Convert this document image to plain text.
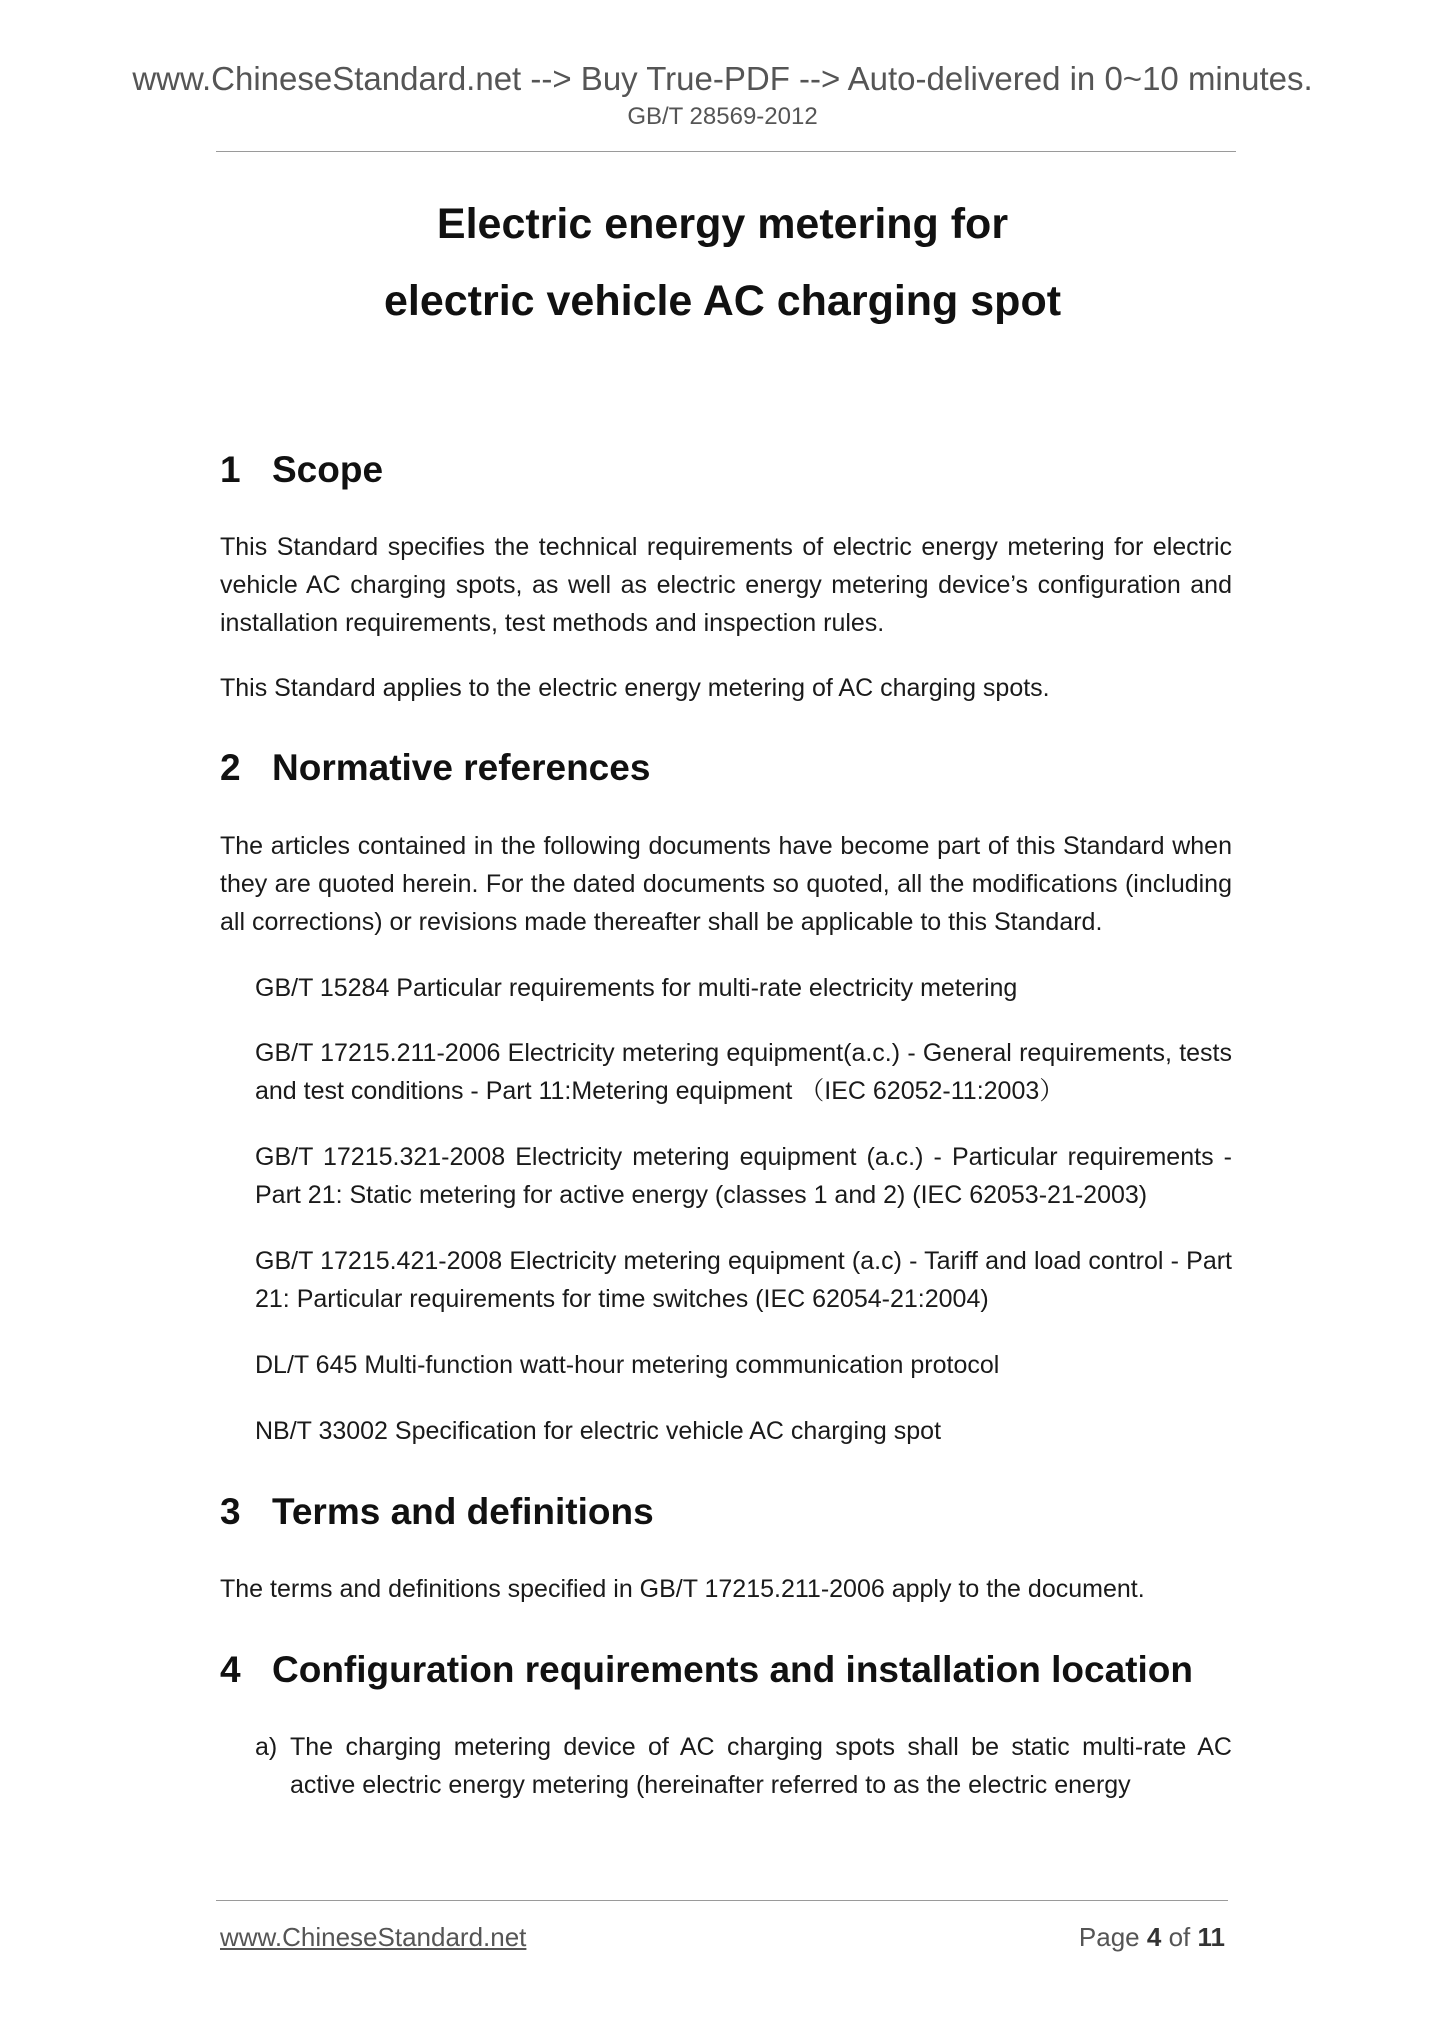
www.ChineseStandard.net --> Buy True-PDF --> Auto-delivered in 0~10 minutes.

GB/T 28569-2012

Electric energy metering for
electric vehicle AC charging spot
1 Scope

This Standard specifies the technical requirements of electric energy metering for electric vehicle AC charging spots, as well as electric energy metering device’s configuration and installation requirements, test methods and inspection rules.

This Standard applies to the electric energy metering of AC charging spots.

2 Normative references

The articles contained in the following documents have become part of this Standard when they are quoted herein. For the dated documents so quoted, all the modifications (including all corrections) or revisions made thereafter shall be applicable to this Standard.

GB/T 15284 Particular requirements for multi-rate electricity metering

GB/T 17215.211-2006 Electricity metering equipment(a.c.) - General requirements, tests and test conditions - Part 11:Metering equipment （IEC 62052-11:2003）

GB/T 17215.321-2008 Electricity metering equipment (a.c.) - Particular requirements - Part 21: Static metering for active energy (classes 1 and 2) (IEC 62053-21-2003)

GB/T 17215.421-2008 Electricity metering equipment (a.c) - Tariff and load control - Part 21: Particular requirements for time switches (IEC 62054-21:2004)

DL/T 645 Multi-function watt-hour metering communication protocol

NB/T 33002 Specification for electric vehicle AC charging spot

3 Terms and definitions

The terms and definitions specified in GB/T 17215.211-2006 apply to the document.

4 Configuration requirements and installation location

a) The charging metering device of AC charging spots shall be static multi-rate AC active electric energy metering (hereinafter referred to as the electric energy

www.ChineseStandard.net	Page 4 of 11
